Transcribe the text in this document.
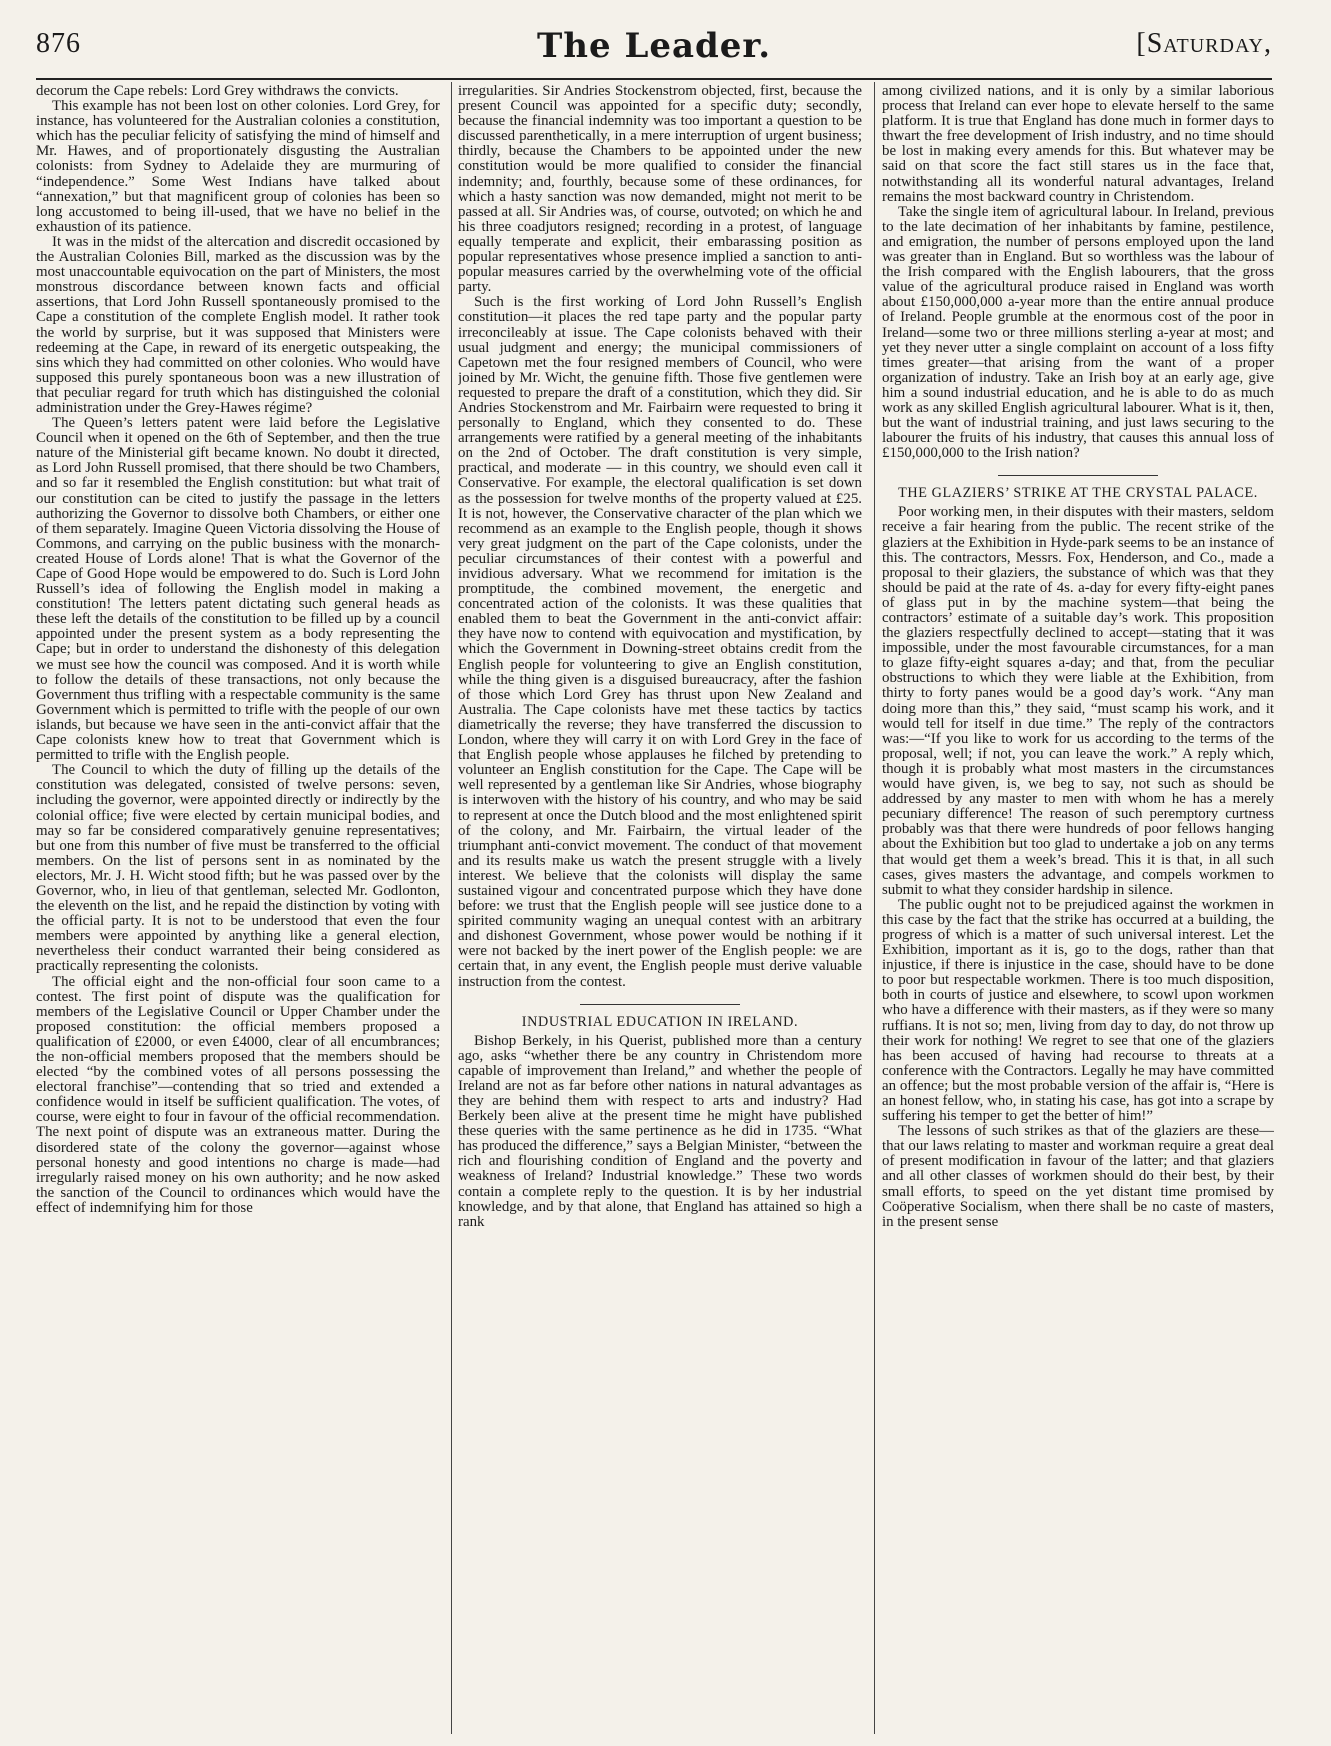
876	The Leader.	[Saturday,

decorum the Cape rebels: Lord Grey withdraws the convicts.

This example has not been lost on other colonies. Lord Grey, for instance, has volunteered for the Australian colonies a constitution, which has the peculiar felicity of satisfying the mind of himself and Mr. Hawes, and of proportionately disgusting the Australian colonists: from Sydney to Adelaide they are murmuring of “independence.” Some West Indians have talked about “annexation,” but that magnificent group of colonies has been so long accustomed to being ill-used, that we have no belief in the exhaustion of its patience.

It was in the midst of the altercation and discredit occasioned by the Australian Colonies Bill, marked as the discussion was by the most unaccountable equivocation on the part of Ministers, the most monstrous discordance between known facts and official assertions, that Lord John Russell spontaneously promised to the Cape a constitution of the complete English model. It rather took the world by surprise, but it was supposed that Ministers were redeeming at the Cape, in reward of its energetic outspeaking, the sins which they had committed on other colonies. Who would have supposed this purely spontaneous boon was a new illustration of that peculiar regard for truth which has distinguished the colonial administration under the Grey-Hawes régime?

The Queen’s letters patent were laid before the Legislative Council when it opened on the 6th of September, and then the true nature of the Ministerial gift became known. No doubt it directed, as Lord John Russell promised, that there should be two Chambers, and so far it resembled the English constitution: but what trait of our constitution can be cited to justify the passage in the letters authorizing the Governor to dissolve both Chambers, or either one of them separately. Imagine Queen Victoria dissolving the House of Commons, and carrying on the public business with the monarch-created House of Lords alone! That is what the Governor of the Cape of Good Hope would be empowered to do. Such is Lord John Russell’s idea of following the English model in making a constitution! The letters patent dictating such general heads as these left the details of the constitution to be filled up by a council appointed under the present system as a body representing the Cape; but in order to understand the dishonesty of this delegation we must see how the council was composed. And it is worth while to follow the details of these transactions, not only because the Government thus trifling with a respectable community is the same Government which is permitted to trifle with the people of our own islands, but because we have seen in the anti-convict affair that the Cape colonists knew how to treat that Government which is permitted to trifle with the English people.

The Council to which the duty of filling up the details of the constitution was delegated, consisted of twelve persons: seven, including the governor, were appointed directly or indirectly by the colonial office; five were elected by certain municipal bodies, and may so far be considered comparatively genuine representatives; but one from this number of five must be transferred to the official members. On the list of persons sent in as nominated by the electors, Mr. J. H. Wicht stood fifth; but he was passed over by the Governor, who, in lieu of that gentleman, selected Mr. Godlonton, the eleventh on the list, and he repaid the distinction by voting with the official party. It is not to be understood that even the four members were appointed by anything like a general election, nevertheless their conduct warranted their being considered as practically representing the colonists.

The official eight and the non-official four soon came to a contest. The first point of dispute was the qualification for members of the Legislative Council or Upper Chamber under the proposed constitution: the official members proposed a qualification of £2000, or even £4000, clear of all encumbrances; the non-official members proposed that the members should be elected “by the combined votes of all persons possessing the electoral franchise”—contending that so tried and extended a confidence would in itself be sufficient qualification. The votes, of course, were eight to four in favour of the official recommendation. The next point of dispute was an extraneous matter. During the disordered state of the colony the governor—against whose personal honesty and good intentions no charge is made—had irregularly raised money on his own authority; and he now asked the sanction of the Council to ordinances which would have the effect of indemnifying him for those

irregularities. Sir Andries Stockenstrom objected, first, because the present Council was appointed for a specific duty; secondly, because the financial indemnity was too important a question to be discussed parenthetically, in a mere interruption of urgent business; thirdly, because the Chambers to be appointed under the new constitution would be more qualified to consider the financial indemnity; and, fourthly, because some of these ordinances, for which a hasty sanction was now demanded, might not merit to be passed at all. Sir Andries was, of course, outvoted; on which he and his three coadjutors resigned; recording in a protest, of language equally temperate and explicit, their embarassing position as popular representatives whose presence implied a sanction to anti-popular measures carried by the overwhelming vote of the official party.

Such is the first working of Lord John Russell’s English constitution—it places the red tape party and the popular party irreconcileably at issue. The Cape colonists behaved with their usual judgment and energy; the municipal commissioners of Capetown met the four resigned members of Council, who were joined by Mr. Wicht, the genuine fifth. Those five gentlemen were requested to prepare the draft of a constitution, which they did. Sir Andries Stockenstrom and Mr. Fairbairn were requested to bring it personally to England, which they consented to do. These arrangements were ratified by a general meeting of the inhabitants on the 2nd of October. The draft constitution is very simple, practical, and moderate — in this country, we should even call it Conservative. For example, the electoral qualification is set down as the possession for twelve months of the property valued at £25. It is not, however, the Conservative character of the plan which we recommend as an example to the English people, though it shows very great judgment on the part of the Cape colonists, under the peculiar circumstances of their contest with a powerful and invidious adversary. What we recommend for imitation is the promptitude, the combined movement, the energetic and concentrated action of the colonists. It was these qualities that enabled them to beat the Government in the anti-convict affair: they have now to contend with equivocation and mystification, by which the Government in Downing-street obtains credit from the English people for volunteering to give an English constitution, while the thing given is a disguised bureaucracy, after the fashion of those which Lord Grey has thrust upon New Zealand and Australia. The Cape colonists have met these tactics by tactics diametrically the reverse; they have transferred the discussion to London, where they will carry it on with Lord Grey in the face of that English people whose applauses he filched by pretending to volunteer an English constitution for the Cape. The Cape will be well represented by a gentleman like Sir Andries, whose biography is interwoven with the history of his country, and who may be said to represent at once the Dutch blood and the most enlightened spirit of the colony, and Mr. Fairbairn, the virtual leader of the triumphant anti-convict movement. The conduct of that movement and its results make us watch the present struggle with a lively interest. We believe that the colonists will display the same sustained vigour and concentrated purpose which they have done before: we trust that the English people will see justice done to a spirited community waging an unequal contest with an arbitrary and dishonest Government, whose power would be nothing if it were not backed by the inert power of the English people: we are certain that, in any event, the English people must derive valuable instruction from the contest.

INDUSTRIAL EDUCATION IN IRELAND.

Bishop Berkely, in his Querist, published more than a century ago, asks “whether there be any country in Christendom more capable of improvement than Ireland,” and whether the people of Ireland are not as far before other nations in natural advantages as they are behind them with respect to arts and industry? Had Berkely been alive at the present time he might have published these queries with the same pertinence as he did in 1735. “What has produced the difference,” says a Belgian Minister, “between the rich and flourishing condition of England and the poverty and weakness of Ireland? Industrial knowledge.” These two words contain a complete reply to the question. It is by her industrial knowledge, and by that alone, that England has attained so high a rank

among civilized nations, and it is only by a similar laborious process that Ireland can ever hope to elevate herself to the same platform. It is true that England has done much in former days to thwart the free development of Irish industry, and no time should be lost in making every amends for this. But whatever may be said on that score the fact still stares us in the face that, notwithstanding all its wonderful natural advantages, Ireland remains the most backward country in Christendom.

Take the single item of agricultural labour. In Ireland, previous to the late decimation of her inhabitants by famine, pestilence, and emigration, the number of persons employed upon the land was greater than in England. But so worthless was the labour of the Irish compared with the English labourers, that the gross value of the agricultural produce raised in England was worth about £150,000,000 a-year more than the entire annual produce of Ireland. People grumble at the enormous cost of the poor in Ireland—some two or three millions sterling a-year at most; and yet they never utter a single complaint on account of a loss fifty times greater—that arising from the want of a proper organization of industry. Take an Irish boy at an early age, give him a sound industrial education, and he is able to do as much work as any skilled English agricultural labourer. What is it, then, but the want of industrial training, and just laws securing to the labourer the fruits of his industry, that causes this annual loss of £150,000,000 to the Irish nation?

THE GLAZIERS’ STRIKE AT THE CRYSTAL PALACE.

Poor working men, in their disputes with their masters, seldom receive a fair hearing from the public. The recent strike of the glaziers at the Exhibition in Hyde-park seems to be an instance of this. The contractors, Messrs. Fox, Henderson, and Co., made a proposal to their glaziers, the substance of which was that they should be paid at the rate of 4s. a-day for every fifty-eight panes of glass put in by the machine system—that being the contractors’ estimate of a suitable day’s work. This proposition the glaziers respectfully declined to accept—stating that it was impossible, under the most favourable circumstances, for a man to glaze fifty-eight squares a-day; and that, from the peculiar obstructions to which they were liable at the Exhibition, from thirty to forty panes would be a good day’s work. “Any man doing more than this,” they said, “must scamp his work, and it would tell for itself in due time.” The reply of the contractors was:—“If you like to work for us according to the terms of the proposal, well; if not, you can leave the work.” A reply which, though it is probably what most masters in the circumstances would have given, is, we beg to say, not such as should be addressed by any master to men with whom he has a merely pecuniary difference! The reason of such peremptory curtness probably was that there were hundreds of poor fellows hanging about the Exhibition but too glad to undertake a job on any terms that would get them a week’s bread. This it is that, in all such cases, gives masters the advantage, and compels workmen to submit to what they consider hardship in silence.

The public ought not to be prejudiced against the workmen in this case by the fact that the strike has occurred at a building, the progress of which is a matter of such universal interest. Let the Exhibition, important as it is, go to the dogs, rather than that injustice, if there is injustice in the case, should have to be done to poor but respectable workmen. There is too much disposition, both in courts of justice and elsewhere, to scowl upon workmen who have a difference with their masters, as if they were so many ruffians. It is not so; men, living from day to day, do not throw up their work for nothing! We regret to see that one of the glaziers has been accused of having had recourse to threats at a conference with the Contractors. Legally he may have committed an offence; but the most probable version of the affair is, “Here is an honest fellow, who, in stating his case, has got into a scrape by suffering his temper to get the better of him!”

The lessons of such strikes as that of the glaziers are these—that our laws relating to master and workman require a great deal of present modification in favour of the latter; and that glaziers and all other classes of workmen should do their best, by their small efforts, to speed on the yet distant time promised by Coöperative Socialism, when there shall be no caste of masters, in the present sense
